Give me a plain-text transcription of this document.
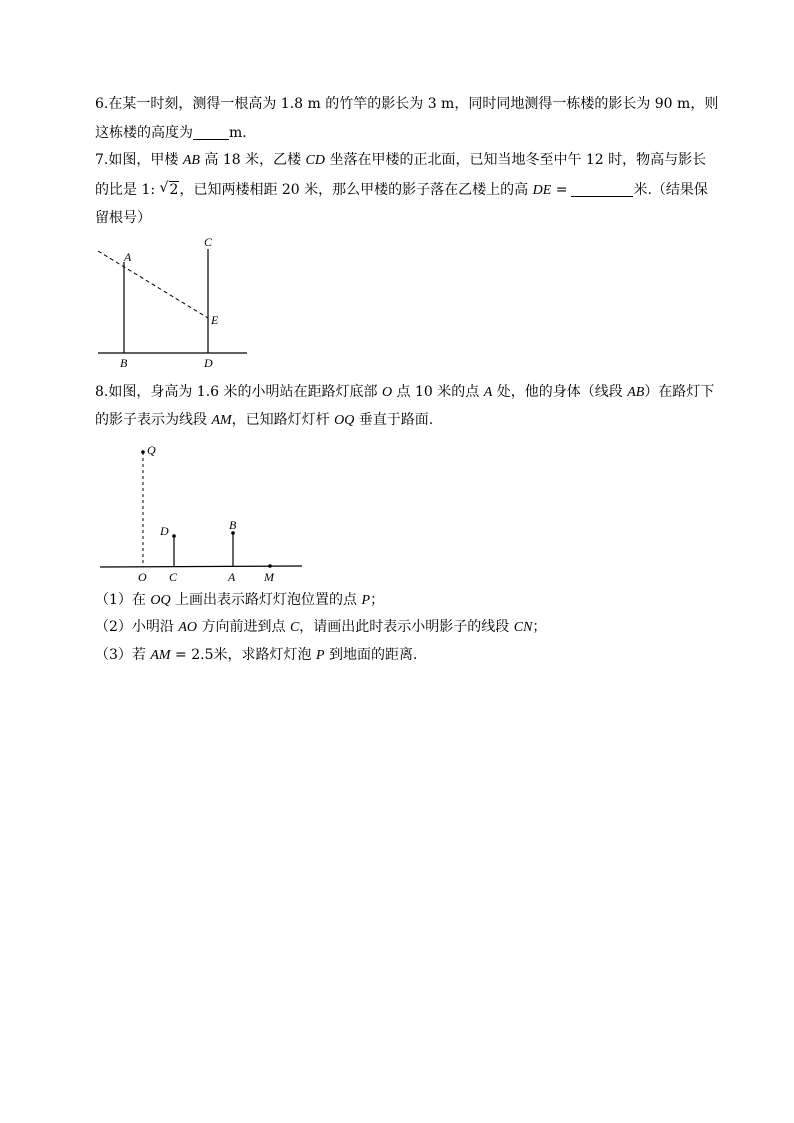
6.在某一时刻，测得一根高为 1.8 m 的竹竿的影长为 3 m，同时同地测得一栋楼的影长为 90 m，则
这栋楼的高度为	m.
7.如图，甲楼 AB 高 18 米，乙楼 CD 坐落在甲楼的正北面，已知当地冬至中午 12 时，物高与影长
的比是 1: √ 2，已知两楼相距 20 米，那么甲楼的影子落在乙楼上的高 DE =	米.（结果保
留根号）
A
B
C
D
E
8.如图，身高为 1.6 米的小明站在距路灯底部 O 点 10 米的点 A 处，他的身体（线段 AB）在路灯下
的影子表示为线段 AM，已知路灯灯杆 OQ 垂直于路面.
Q
D	B
O C	A M
（1）在 OQ 上画出表示路灯灯泡位置的点 P；
（2）小明沿 AO 方向前进到点 C，请画出此时表示小明影子的线段 CN；
（3）若 AM = 2.5米，求路灯灯泡 P 到地面的距离.
